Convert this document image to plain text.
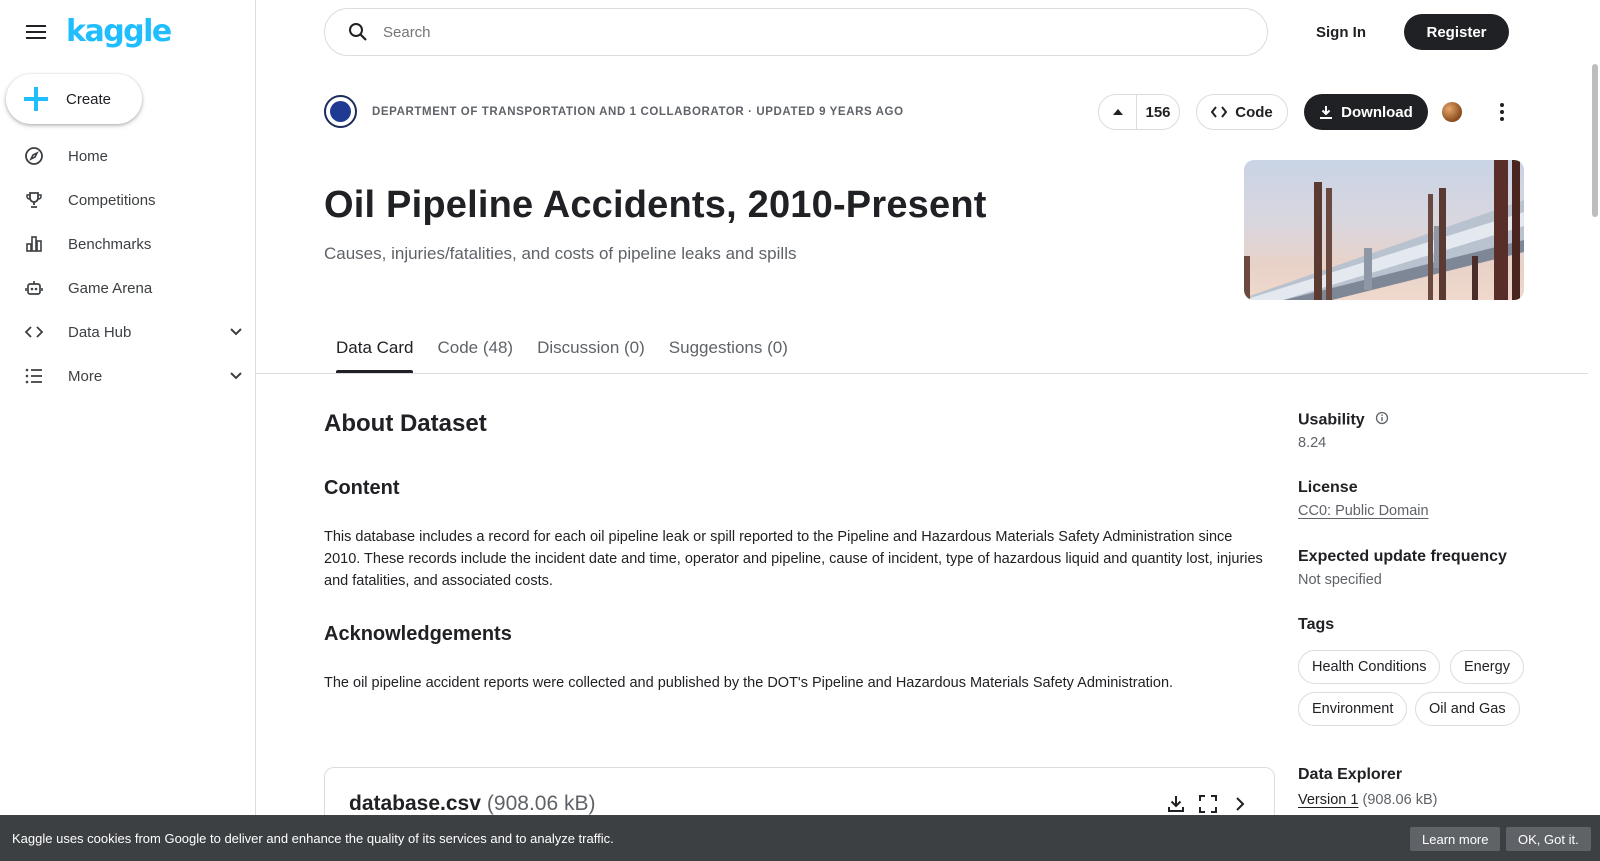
kaggle
Create
Home
Competitions
Benchmarks
Game Arena
Data Hub
More
Search
Sign In	Register
DEPARTMENT OF TRANSPORTATION AND 1 COLLABORATOR · UPDATED 9 YEARS AGO	156	Code	Download
Oil Pipeline Accidents, 2010-Present
Causes, injuries/fatalities, and costs of pipeline leaks and spills
Data Card	Code (48)	Discussion (0)	Suggestions (0)
About Dataset
Content
This database includes a record for each oil pipeline leak or spill reported to the Pipeline and Hazardous Materials Safety Administration since 2010. These records include the incident date and time, operator and pipeline, cause of incident, type of hazardous liquid and quantity lost, injuries and fatalities, and associated costs.
Acknowledgements
The oil pipeline accident reports were collected and published by the DOT's Pipeline and Hazardous Materials Safety Administration.
database.csv (908.06 kB)
Usability
8.24
License
CC0: Public Domain
Expected update frequency
Not specified
Tags
Health Conditions	Energy
Environment	Oil and Gas
Data Explorer
Version 1 (908.06 kB)
Kaggle uses cookies from Google to deliver and enhance the quality of its services and to analyze traffic.	Learn more	OK, Got it.
